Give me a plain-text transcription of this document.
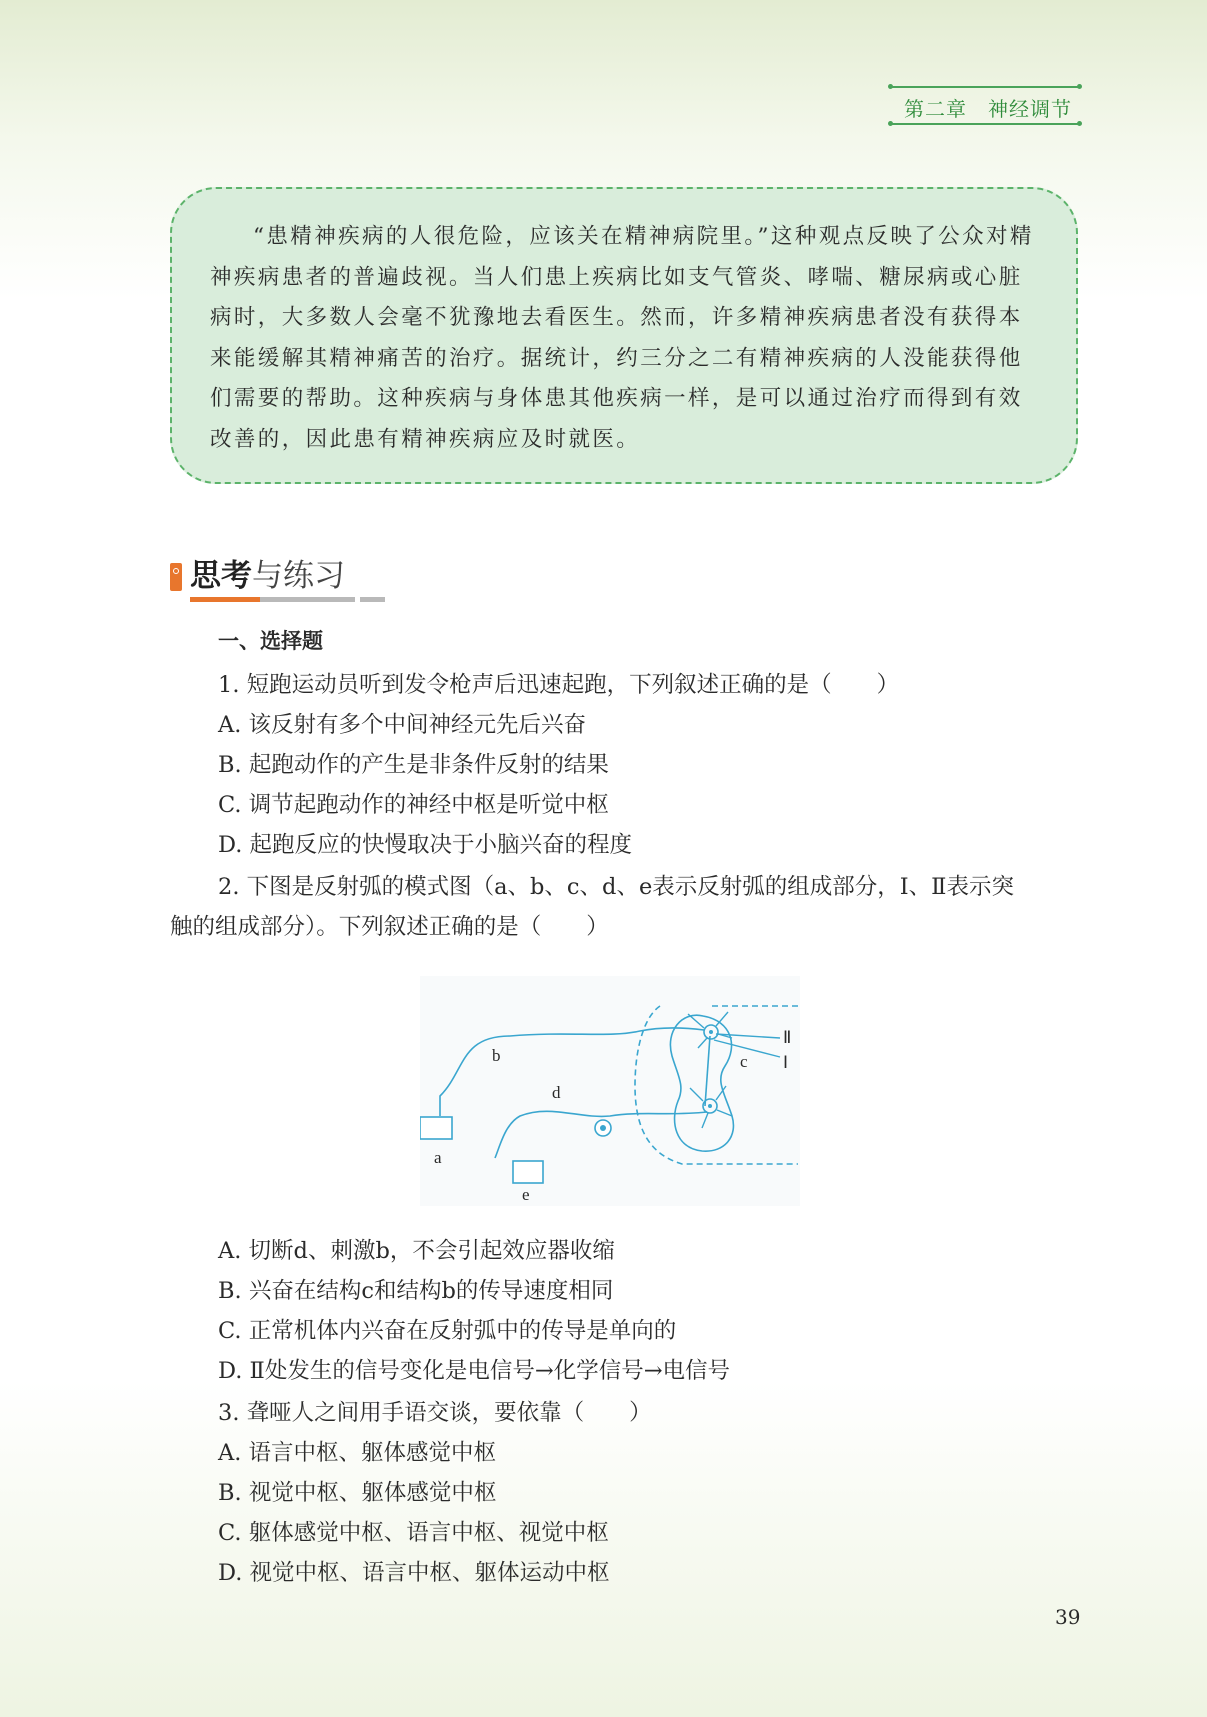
第二章　神经调节

“患精神疾病的人很危险，应该关在精神病院里。”这种观点反映了公众对精神疾病患者的普遍歧视。当人们患上疾病比如支气管炎、哮喘、糖尿病或心脏病时，大多数人会毫不犹豫地去看医生。然而，许多精神疾病患者没有获得本来能缓解其精神痛苦的治疗。据统计，约三分之二有精神疾病的人没能获得他们需要的帮助。这种疾病与身体患其他疾病一样，是可以通过治疗而得到有效改善的，因此患有精神疾病应及时就医。

思考与练习
一、选择题
1. 短跑运动员听到发令枪声后迅速起跑，下列叙述正确的是（　　）
A. 该反射有多个中间神经元先后兴奋
B. 起跑动作的产生是非条件反射的结果
C. 调节起跑动作的神经中枢是听觉中枢
D. 起跑反应的快慢取决于小脑兴奋的程度
2. 下图是反射弧的模式图（a、b、c、d、e表示反射弧的组成部分，Ⅰ、Ⅱ表示突
触的组成部分）。下列叙述正确的是（　　）
b
d
a
e
c
Ⅱ
Ⅰ
A. 切断d、刺激b，不会引起效应器收缩
B. 兴奋在结构c和结构b的传导速度相同
C. 正常机体内兴奋在反射弧中的传导是单向的
D. Ⅱ处发生的信号变化是电信号→化学信号→电信号
3. 聋哑人之间用手语交谈，要依靠（　　）
A. 语言中枢、躯体感觉中枢
B. 视觉中枢、躯体感觉中枢
C. 躯体感觉中枢、语言中枢、视觉中枢
D. 视觉中枢、语言中枢、躯体运动中枢
39
